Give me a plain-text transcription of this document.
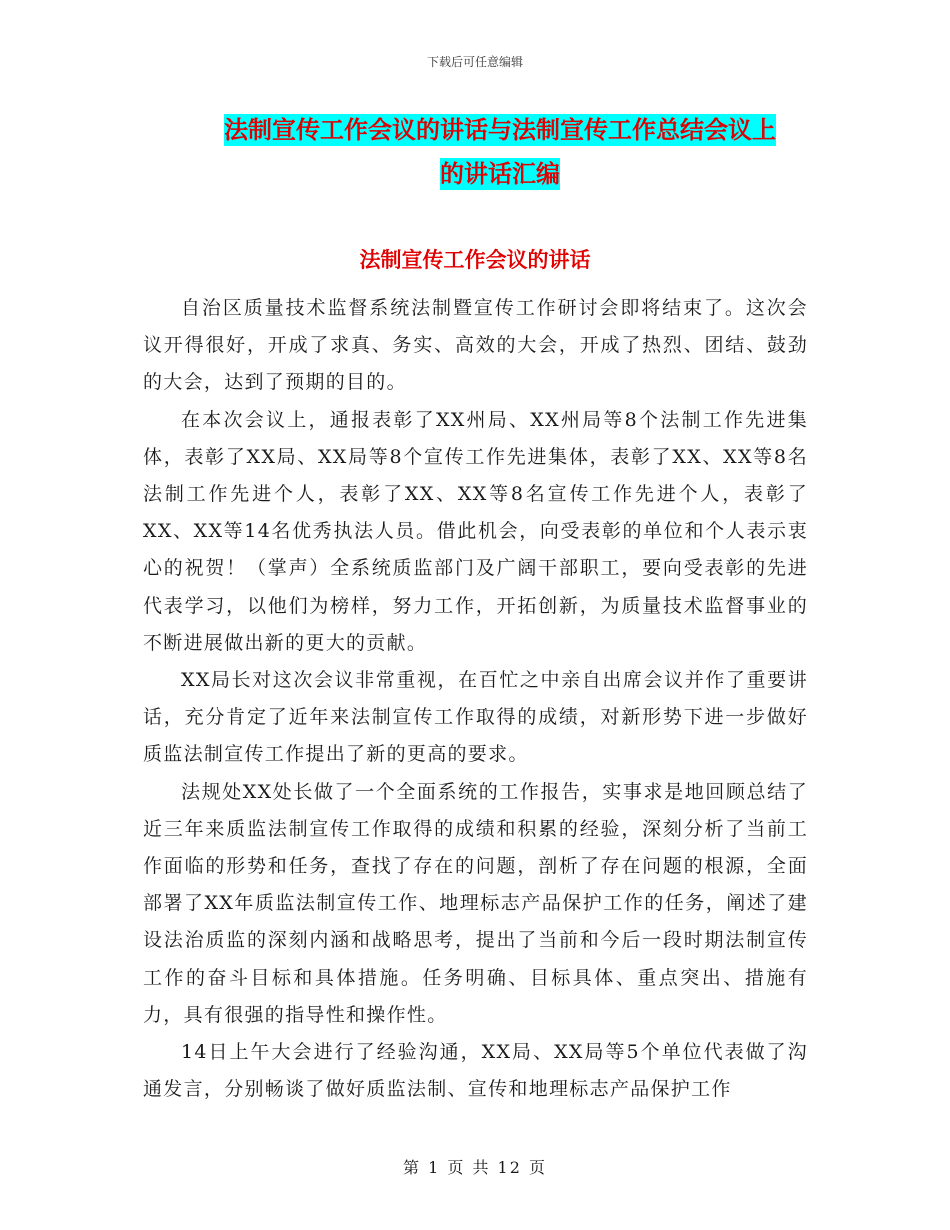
下载后可任意编辑
法制宣传工作会议的讲话与法制宣传工作总结会议上
的讲话汇编
法制宣传工作会议的讲话

自治区质量技术监督系统法制暨宣传工作研讨会即将结束了。这次会议开得很好，开成了求真、务实、高效的大会，开成了热烈、团结、鼓劲的大会，达到了预期的目的。

在本次会议上，通报表彰了XX州局、XX州局等8个法制工作先进集体，表彰了XX局、XX局等8个宣传工作先进集体，表彰了XX、XX等8名法制工作先进个人，表彰了XX、XX等8名宣传工作先进个人，表彰了XX、XX等14名优秀执法人员。借此机会，向受表彰的单位和个人表示衷心的祝贺！（掌声）全系统质监部门及广阔干部职工，要向受表彰的先进代表学习，以他们为榜样，努力工作，开拓创新，为质量技术监督事业的不断进展做出新的更大的贡献。

XX局长对这次会议非常重视，在百忙之中亲自出席会议并作了重要讲话，充分肯定了近年来法制宣传工作取得的成绩，对新形势下进一步做好质监法制宣传工作提出了新的更高的要求。

法规处XX处长做了一个全面系统的工作报告，实事求是地回顾总结了近三年来质监法制宣传工作取得的成绩和积累的经验，深刻分析了当前工作面临的形势和任务，查找了存在的问题，剖析了存在问题的根源，全面部署了XX年质监法制宣传工作、地理标志产品保护工作的任务，阐述了建设法治质监的深刻内涵和战略思考，提出了当前和今后一段时期法制宣传工作的奋斗目标和具体措施。任务明确、目标具体、重点突出、措施有力，具有很强的指导性和操作性。

14日上午大会进行了经验沟通，XX局、XX局等5个单位代表做了沟通发言，分别畅谈了做好质监法制、宣传和地理标志产品保护工作

第 1 页 共 12 页
